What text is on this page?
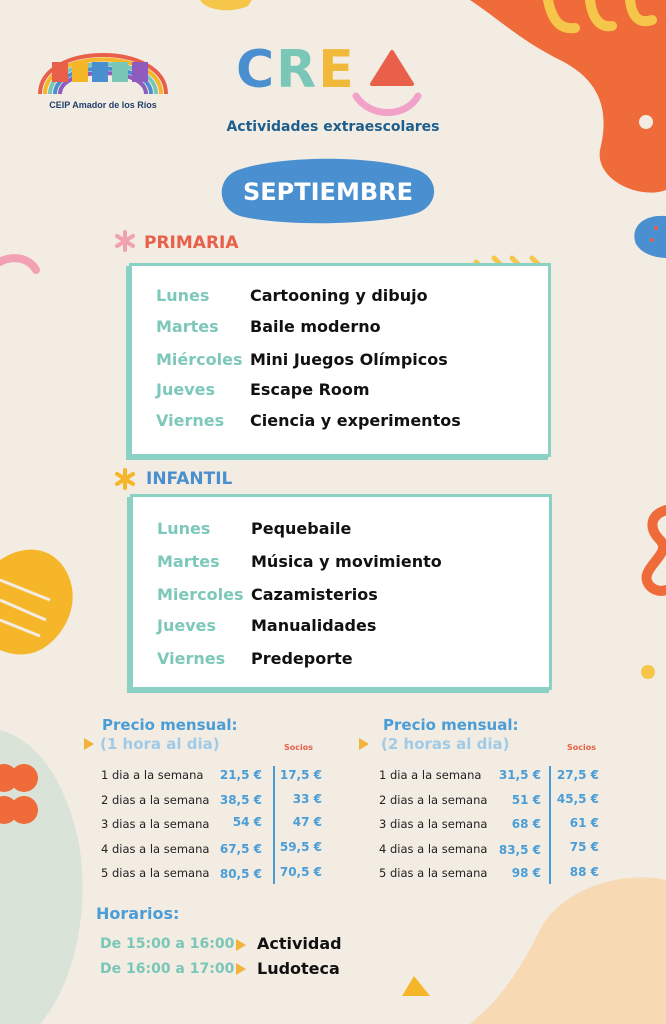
CEIP Amador de los Ríos
CRE
Actividades extraescolares
SEPTIEMBRE
PRIMARIA
Lunes	Cartooning y dibujo
Martes Baile moderno
Miércoles Mini Juegos Olímpicos
Jueves Escape Room
Viernes Ciencia y experimentos
INFANTIL
Lunes	Pequebaile
Martes Música y movimiento
Miercoles Cazamisterios
Jueves Manualidades
Viernes Predeporte
Precio mensual:
(1 hora al dia)	Socios
1 dia a la semana	21,5 €	17,5 €
2 dias a la semana 38,5 €	33 €
3 dias a la semana	54 €	47 €
4 dias a la semana 67,5 €	59,5 €
5 dias a la semana 80,5 €	70,5 €
Precio mensual:
(2 horas al dia)	Socios
1 dia a la semana	31,5 €	27,5 €
2 dias a la semana	51 €	45,5 €
3 dias a la semana	68 €	61 €
4 dias a la semana 83,5 €	75 €
5 dias a la semana	98 €	88 €
Horarios:
De 15:00 a 16:00 Actividad
De 16:00 a 17:00 Ludoteca
